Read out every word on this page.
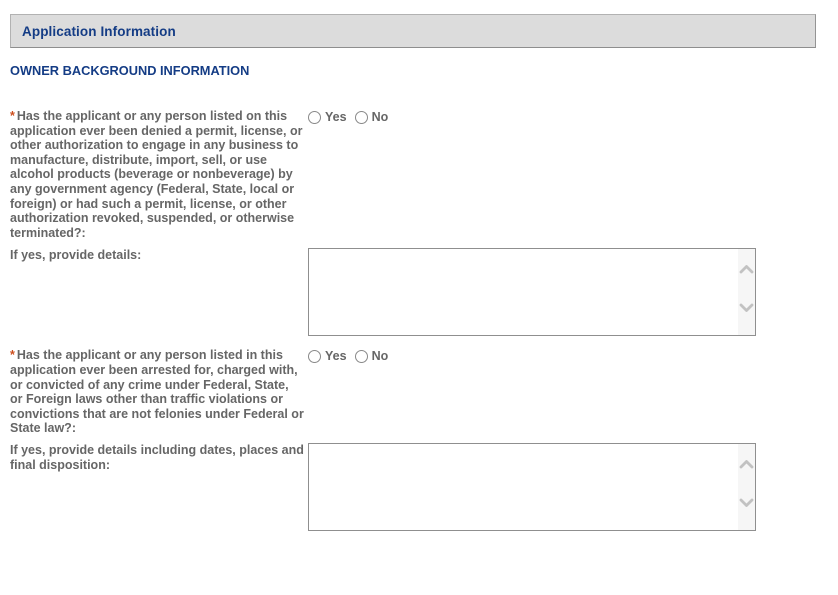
Application Information
OWNER BACKGROUND INFORMATION
* Has the applicant or any person listed on this application ever been denied a permit, license, or other authorization to engage in any business to manufacture, distribute, import, sell, or use alcohol products (beverage or nonbeverage) by any government agency (Federal, State, local or foreign) or had such a permit, license, or other authorization revoked, suspended, or otherwise terminated?:
Yes No
If yes, provide details:
* Has the applicant or any person listed in this application ever been arrested for, charged with, or convicted of any crime under Federal, State, or Foreign laws other than traffic violations or convictions that are not felonies under Federal or State law?:
Yes No
If yes, provide details including dates, places and final disposition:
